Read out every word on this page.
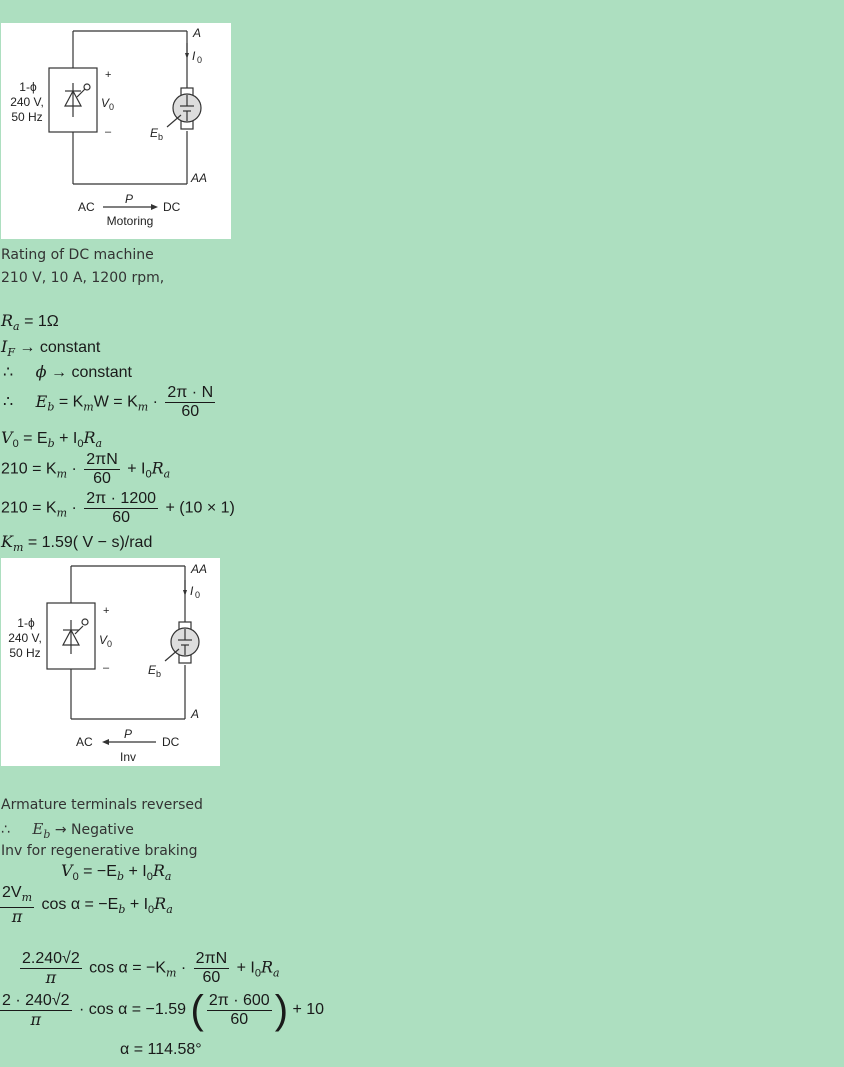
A
I 0
+
V 0
–	E b
AA
1-ϕ
240 V,
50 Hz
AC
P
DC
Motoring
Rating of DC machine
210 V, 10 A, 1200 rpm,
$R_a = 1\Omega$
$I_F$ → constant
∴ ϕ → constant
∴ $E_b = K_mW = K_m \cdot \frac{2\pi \cdot N}{60}$
$V_0 = E_b + I_0R_a$
$210 = K_m \cdot \frac{2\pi N}{60} + I_0R_a$
$210 = K_m \cdot \frac{2\pi \cdot 1200}{60} + (10 \times 1)$
$K_m = 1.59$( V − s)/rad
AA
I 0
+
V 0
–	E b
A
1-ϕ
240 V,
50 Hz
AC
P
DC
Inv
Armature terminals reversed
∴ $E_b$ → Negative
Inv for regenerative braking
$V_0 = -E_b + I_0R_a$
$\frac{2V_m}{\pi}$ $\cos \alpha = -E_b + I_0R_a$
$\frac{2.240√2}{\pi}$ $\cos \alpha = -K_m \cdot \frac{2\pi N}{60} + I_0R_a$
$\frac{2 \cdot 240√2}{\pi} \cdot \cos \alpha = -1.59$ ( $\frac{2\pi \cdot 600}{60}$ ) + 10
α = 114.58°
